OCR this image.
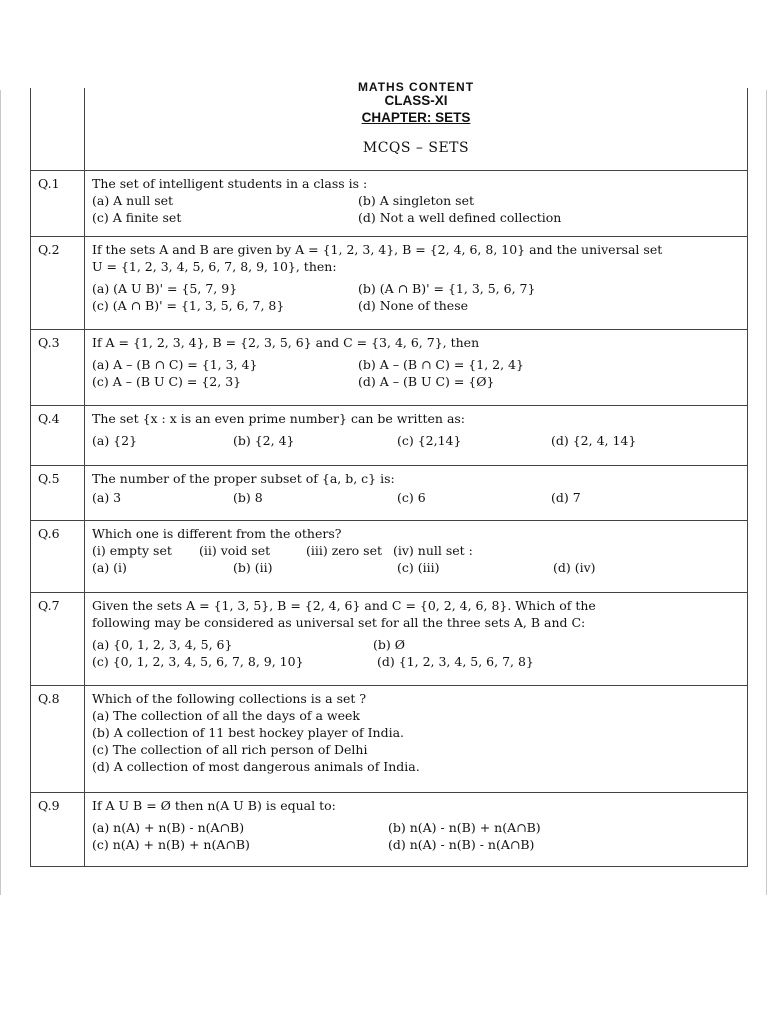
MATHS CONTENT
CLASS-XI
CHAPTER: SETS
MCQS – SETS
Q.1	The set of intelligent students in a class is :
(a) A null set	(b) A singleton set
(c) A finite set	(d) Not a well defined collection
Q.2	If the sets A and B are given by A = {1, 2, 3, 4}, B = {2, 4, 6, 8, 10} and the universal set
U = {1, 2, 3, 4, 5, 6, 7, 8, 9, 10}, then:
(a) (A U B)' = {5, 7, 9}	(b) (A ∩ B)' = {1, 3, 5, 6, 7}
(c) (A ∩ B)' = {1, 3, 5, 6, 7, 8}	(d) None of these
Q.3	If A = {1, 2, 3, 4}, B = {2, 3, 5, 6} and C = {3, 4, 6, 7}, then
(a) A – (B ∩ C) = {1, 3, 4}	(b) A – (B ∩ C) = {1, 2, 4}
(c) A – (B U C) = {2, 3}	(d) A – (B U C) = {Ø}
Q.4	The set {x : x is an even prime number} can be written as:
(a) {2}	(b) {2, 4}	(c) {2,14}	(d) {2, 4, 14}
Q.5	The number of the proper subset of {a, b, c} is:
(a) 3	(b) 8	(c) 6	(d) 7
Q.6	Which one is different from the others?
(i) empty set	(ii) void set	(iii) zero set (iv) null set :
(a) (i)	(b) (ii)	(c) (iii)	(d) (iv)
Q.7	Given the sets A = {1, 3, 5}, B = {2, 4, 6} and C = {0, 2, 4, 6, 8}. Which of the
following may be considered as universal set for all the three sets A, B and C:
(a) {0, 1, 2, 3, 4, 5, 6}	(b) Ø
(c) {0, 1, 2, 3, 4, 5, 6, 7, 8, 9, 10}	(d) {1, 2, 3, 4, 5, 6, 7, 8}
Q.8	Which of the following collections is a set ?
(a) The collection of all the days of a week
(b) A collection of 11 best hockey player of India.
(c) The collection of all rich person of Delhi
(d) A collection of most dangerous animals of India.
Q.9	If A U B = Ø then n(A U B) is equal to:
(a) n(A) + n(B) - n(A∩B)	(b) n(A) - n(B) + n(A∩B)
(c) n(A) + n(B) + n(A∩B)	(d) n(A) - n(B) - n(A∩B)
